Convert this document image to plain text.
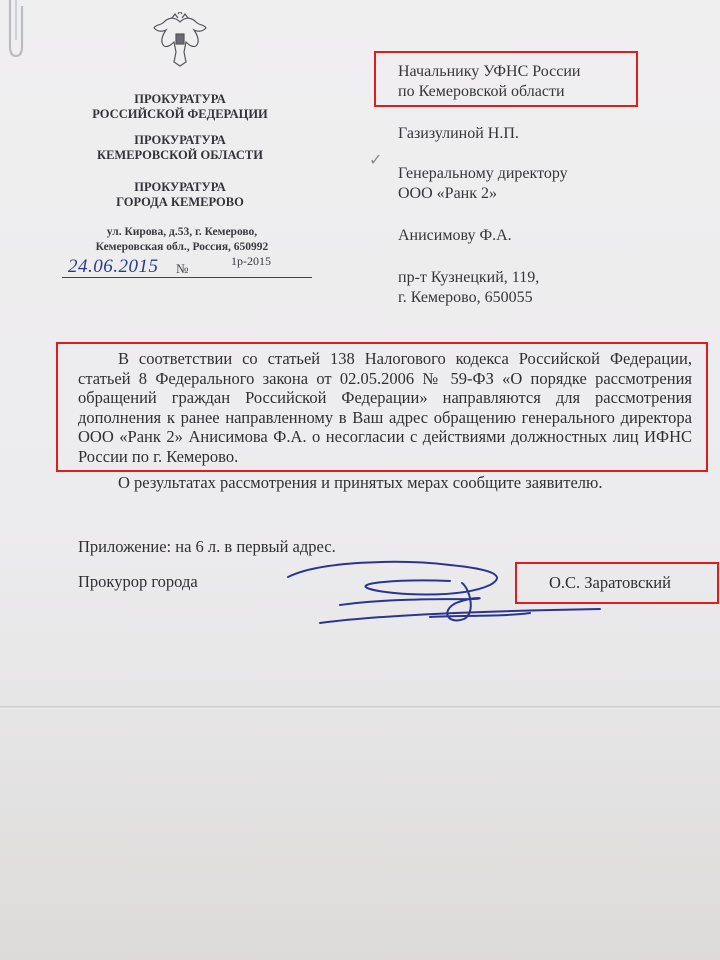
ПРОКУРАТУРА
РОССИЙСКОЙ ФЕДЕРАЦИИ
ПРОКУРАТУРА
КЕМЕРОВСКОЙ ОБЛАСТИ
ПРОКУРАТУРА
ГОРОДА КЕМЕРОВО
ул. Кирова, д.53, г. Кемерово,
Кемеровская обл., Россия, 650992
24.06.2015 №	1р-2015
✓
Начальнику УФНС России
по Кемеровской области
Газизулиной Н.П.
Генеральному директору
ООО «Ранк 2»
Анисимову Ф.А.
пр-т Кузнецкий, 119,
г. Кемерово, 650055

В соответствии со статьей 138 Налогового кодекса Российской Федерации, статьей 8 Федерального закона от 02.05.2006 № 59-ФЗ «О порядке рассмотрения обращений граждан Российской Федерации» направляются для рассмотрения дополнения к ранее направленному в Ваш адрес обращению генерального директора ООО «Ранк 2» Анисимова Ф.А. о несогласии с действиями должностных лиц ИФНС России по г. Кемерово.

О результатах рассмотрения и принятых мерах сообщите заявителю.
Приложение: на 6 л. в первый адрес.
Прокурор города	О.С. Заратовский
